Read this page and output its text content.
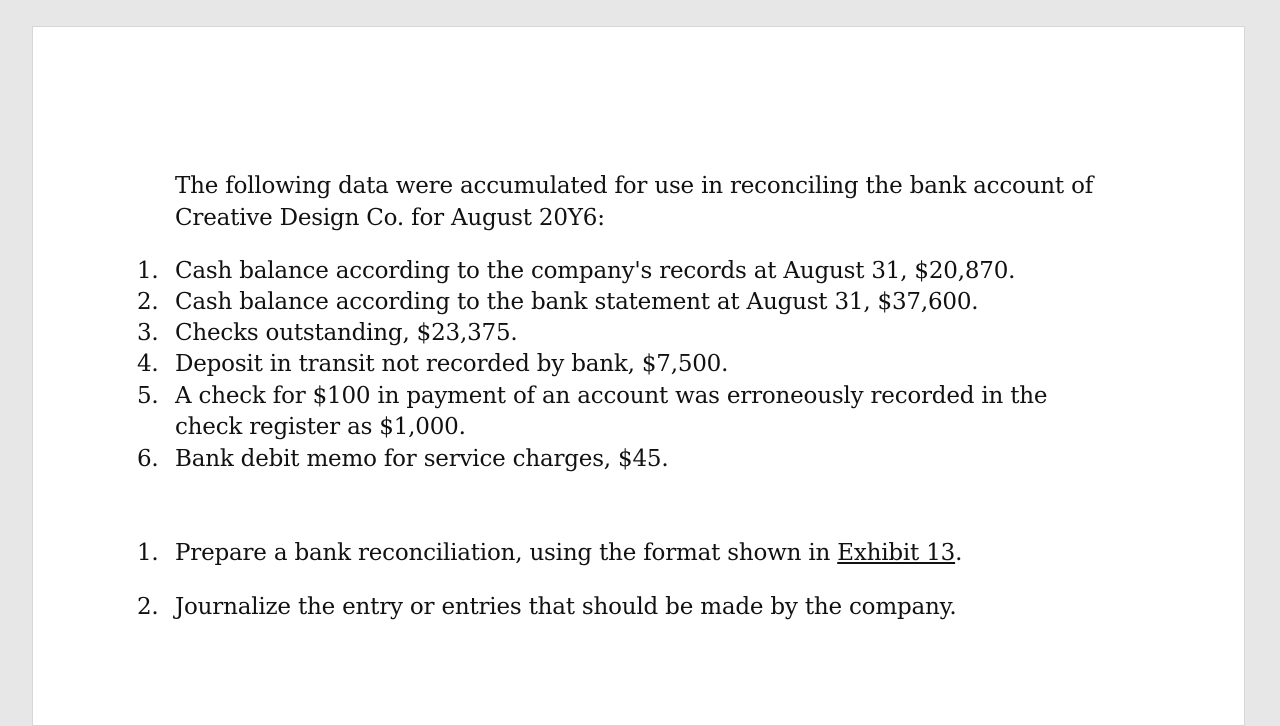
The following data were accumulated for use in reconciling the bank account of
Creative Design Co. for August 20Y6:
1. Cash balance according to the company's records at August 31, $20,870.
2. Cash balance according to the bank statement at August 31, $37,600.
3. Checks outstanding, $23,375.
4. Deposit in transit not recorded by bank, $7,500.
5. A check for $100 in payment of an account was erroneously recorded in the
check register as $1,000.
6. Bank debit memo for service charges, $45.
1. Prepare a bank reconciliation, using the format shown in Exhibit 13.
2. Journalize the entry or entries that should be made by the company.
